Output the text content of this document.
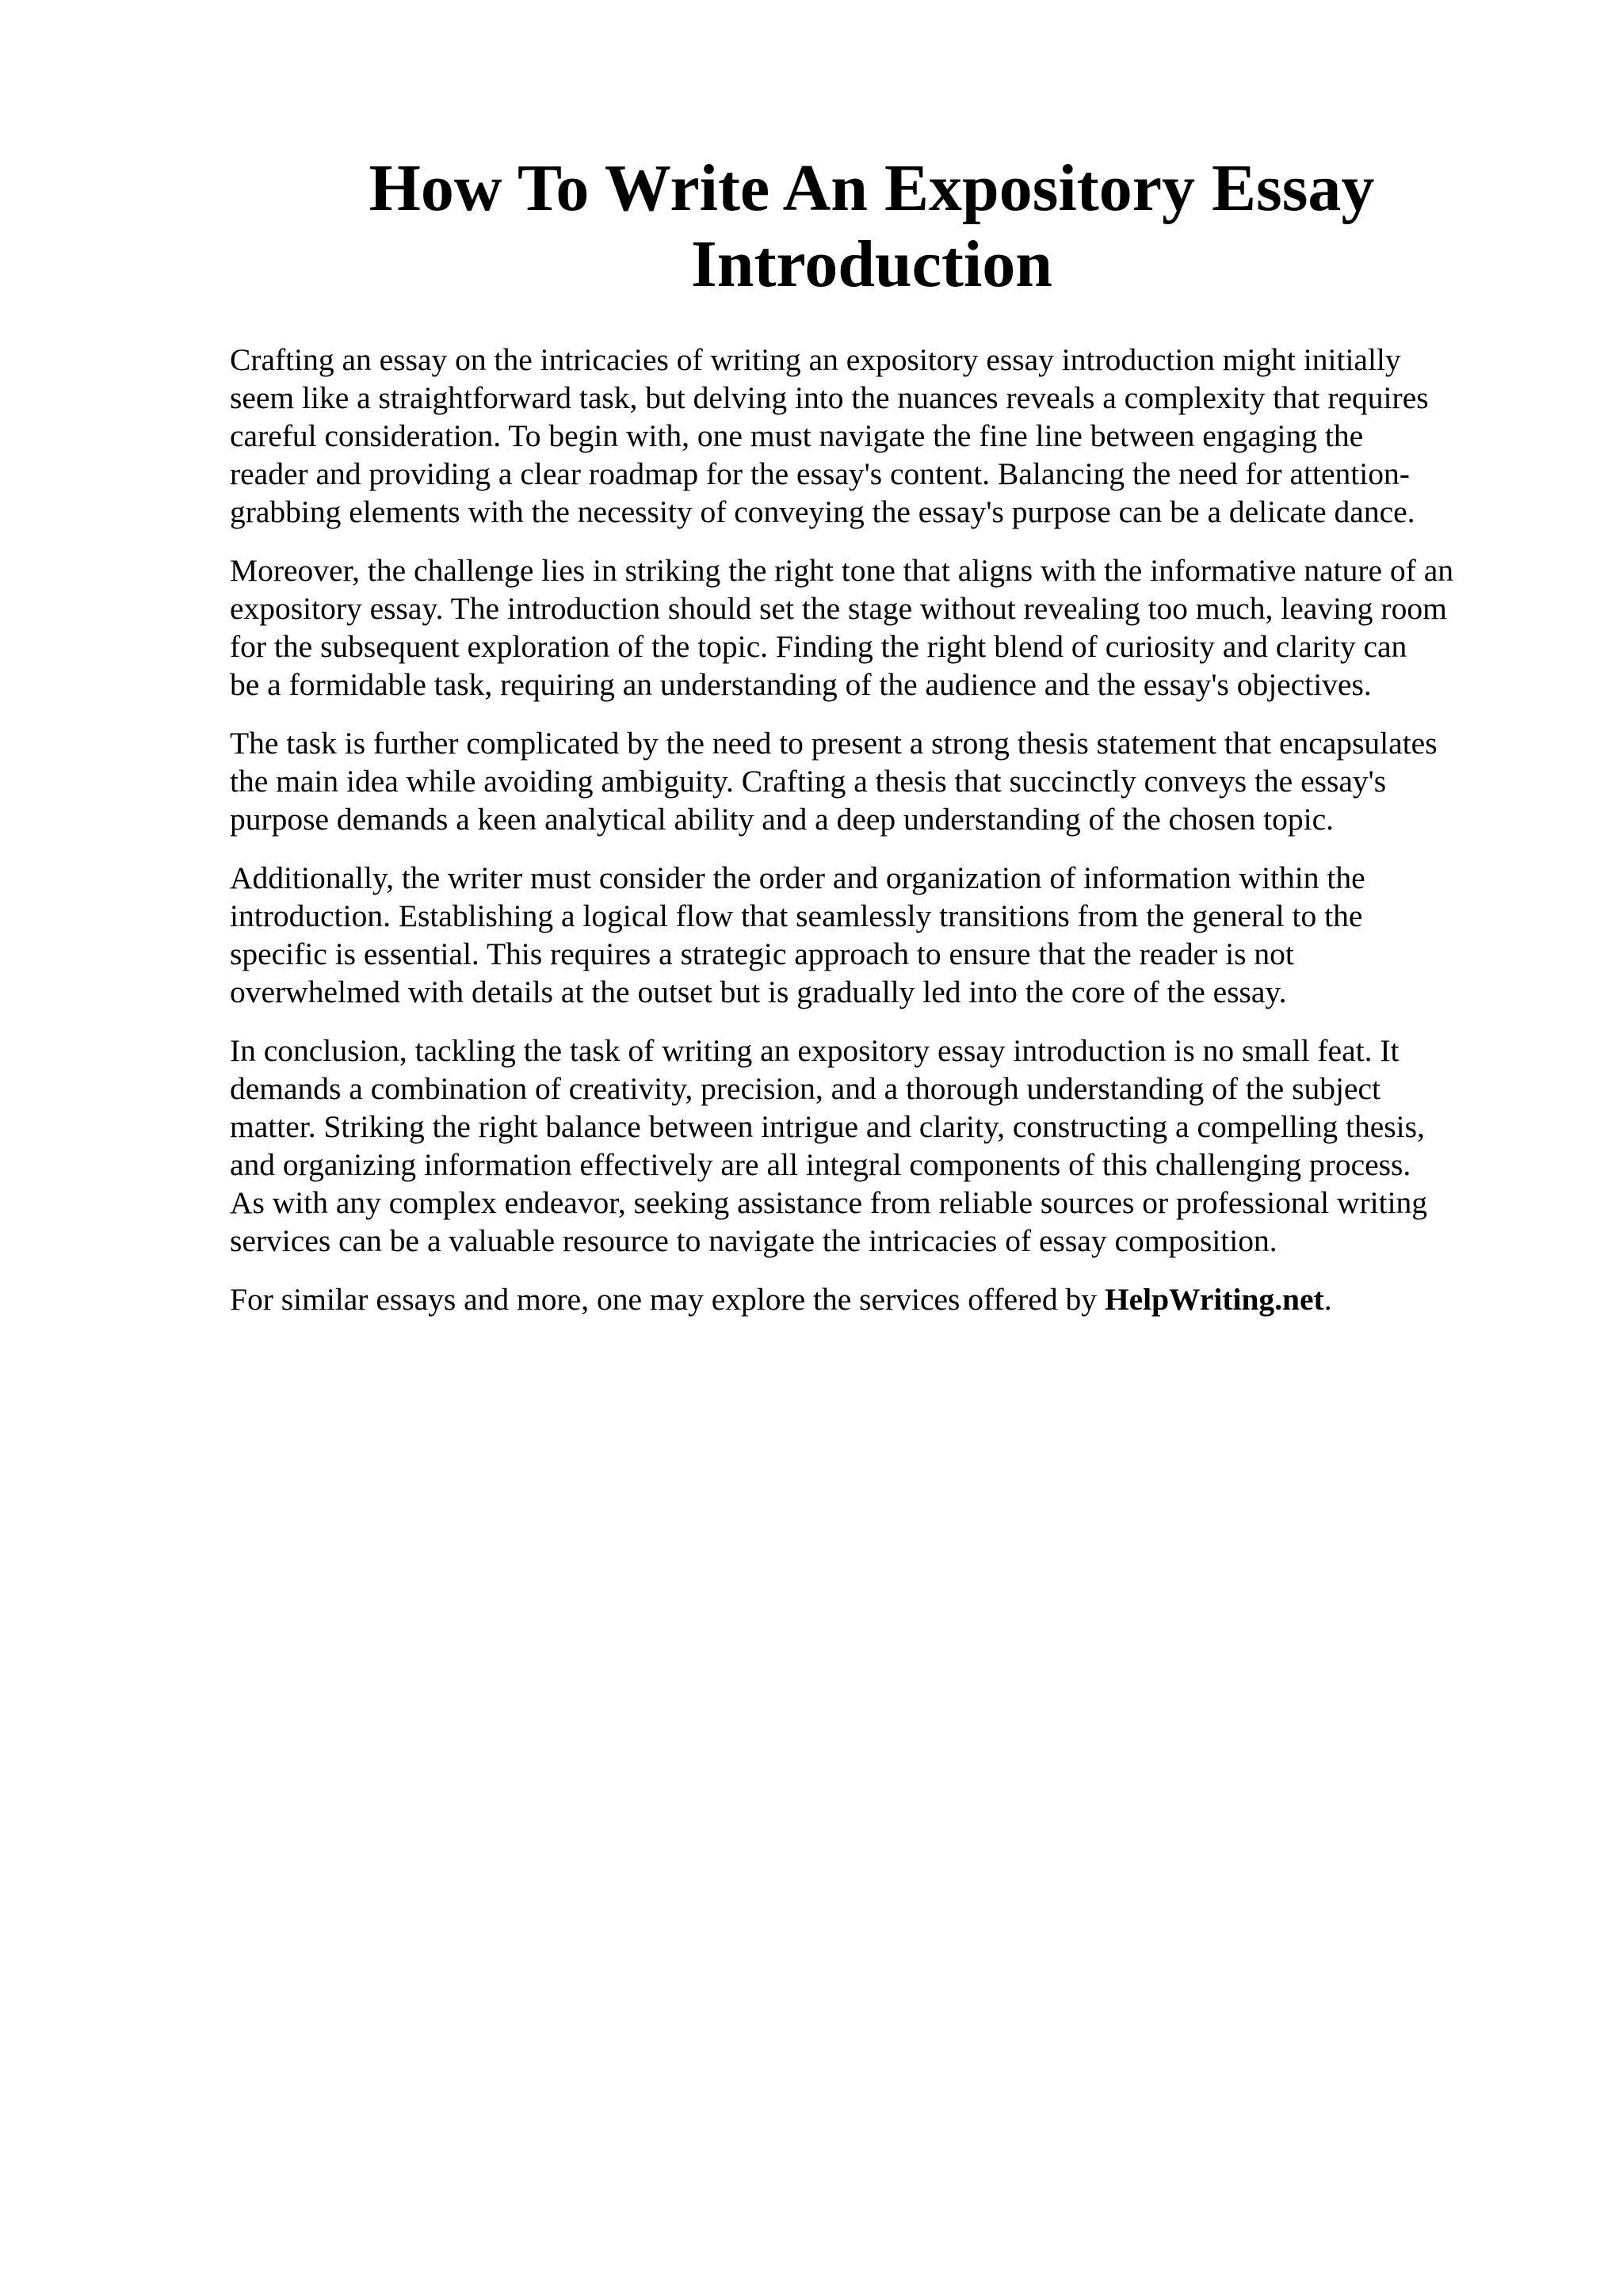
How To Write An Expository Essay
Introduction

Crafting an essay on the intricacies of writing an expository essay introduction might initially
seem like a straightforward task, but delving into the nuances reveals a complexity that requires
careful consideration. To begin with, one must navigate the fine line between engaging the
reader and providing a clear roadmap for the essay's content. Balancing the need for attention-
grabbing elements with the necessity of conveying the essay's purpose can be a delicate dance.

Moreover, the challenge lies in striking the right tone that aligns with the informative nature of an
expository essay. The introduction should set the stage without revealing too much, leaving room
for the subsequent exploration of the topic. Finding the right blend of curiosity and clarity can
be a formidable task, requiring an understanding of the audience and the essay's objectives.

The task is further complicated by the need to present a strong thesis statement that encapsulates
the main idea while avoiding ambiguity. Crafting a thesis that succinctly conveys the essay's
purpose demands a keen analytical ability and a deep understanding of the chosen topic.

Additionally, the writer must consider the order and organization of information within the
introduction. Establishing a logical flow that seamlessly transitions from the general to the
specific is essential. This requires a strategic approach to ensure that the reader is not
overwhelmed with details at the outset but is gradually led into the core of the essay.

In conclusion, tackling the task of writing an expository essay introduction is no small feat. It
demands a combination of creativity, precision, and a thorough understanding of the subject
matter. Striking the right balance between intrigue and clarity, constructing a compelling thesis,
and organizing information effectively are all integral components of this challenging process.
As with any complex endeavor, seeking assistance from reliable sources or professional writing
services can be a valuable resource to navigate the intricacies of essay composition.

For similar essays and more, one may explore the services offered by HelpWriting.net.
